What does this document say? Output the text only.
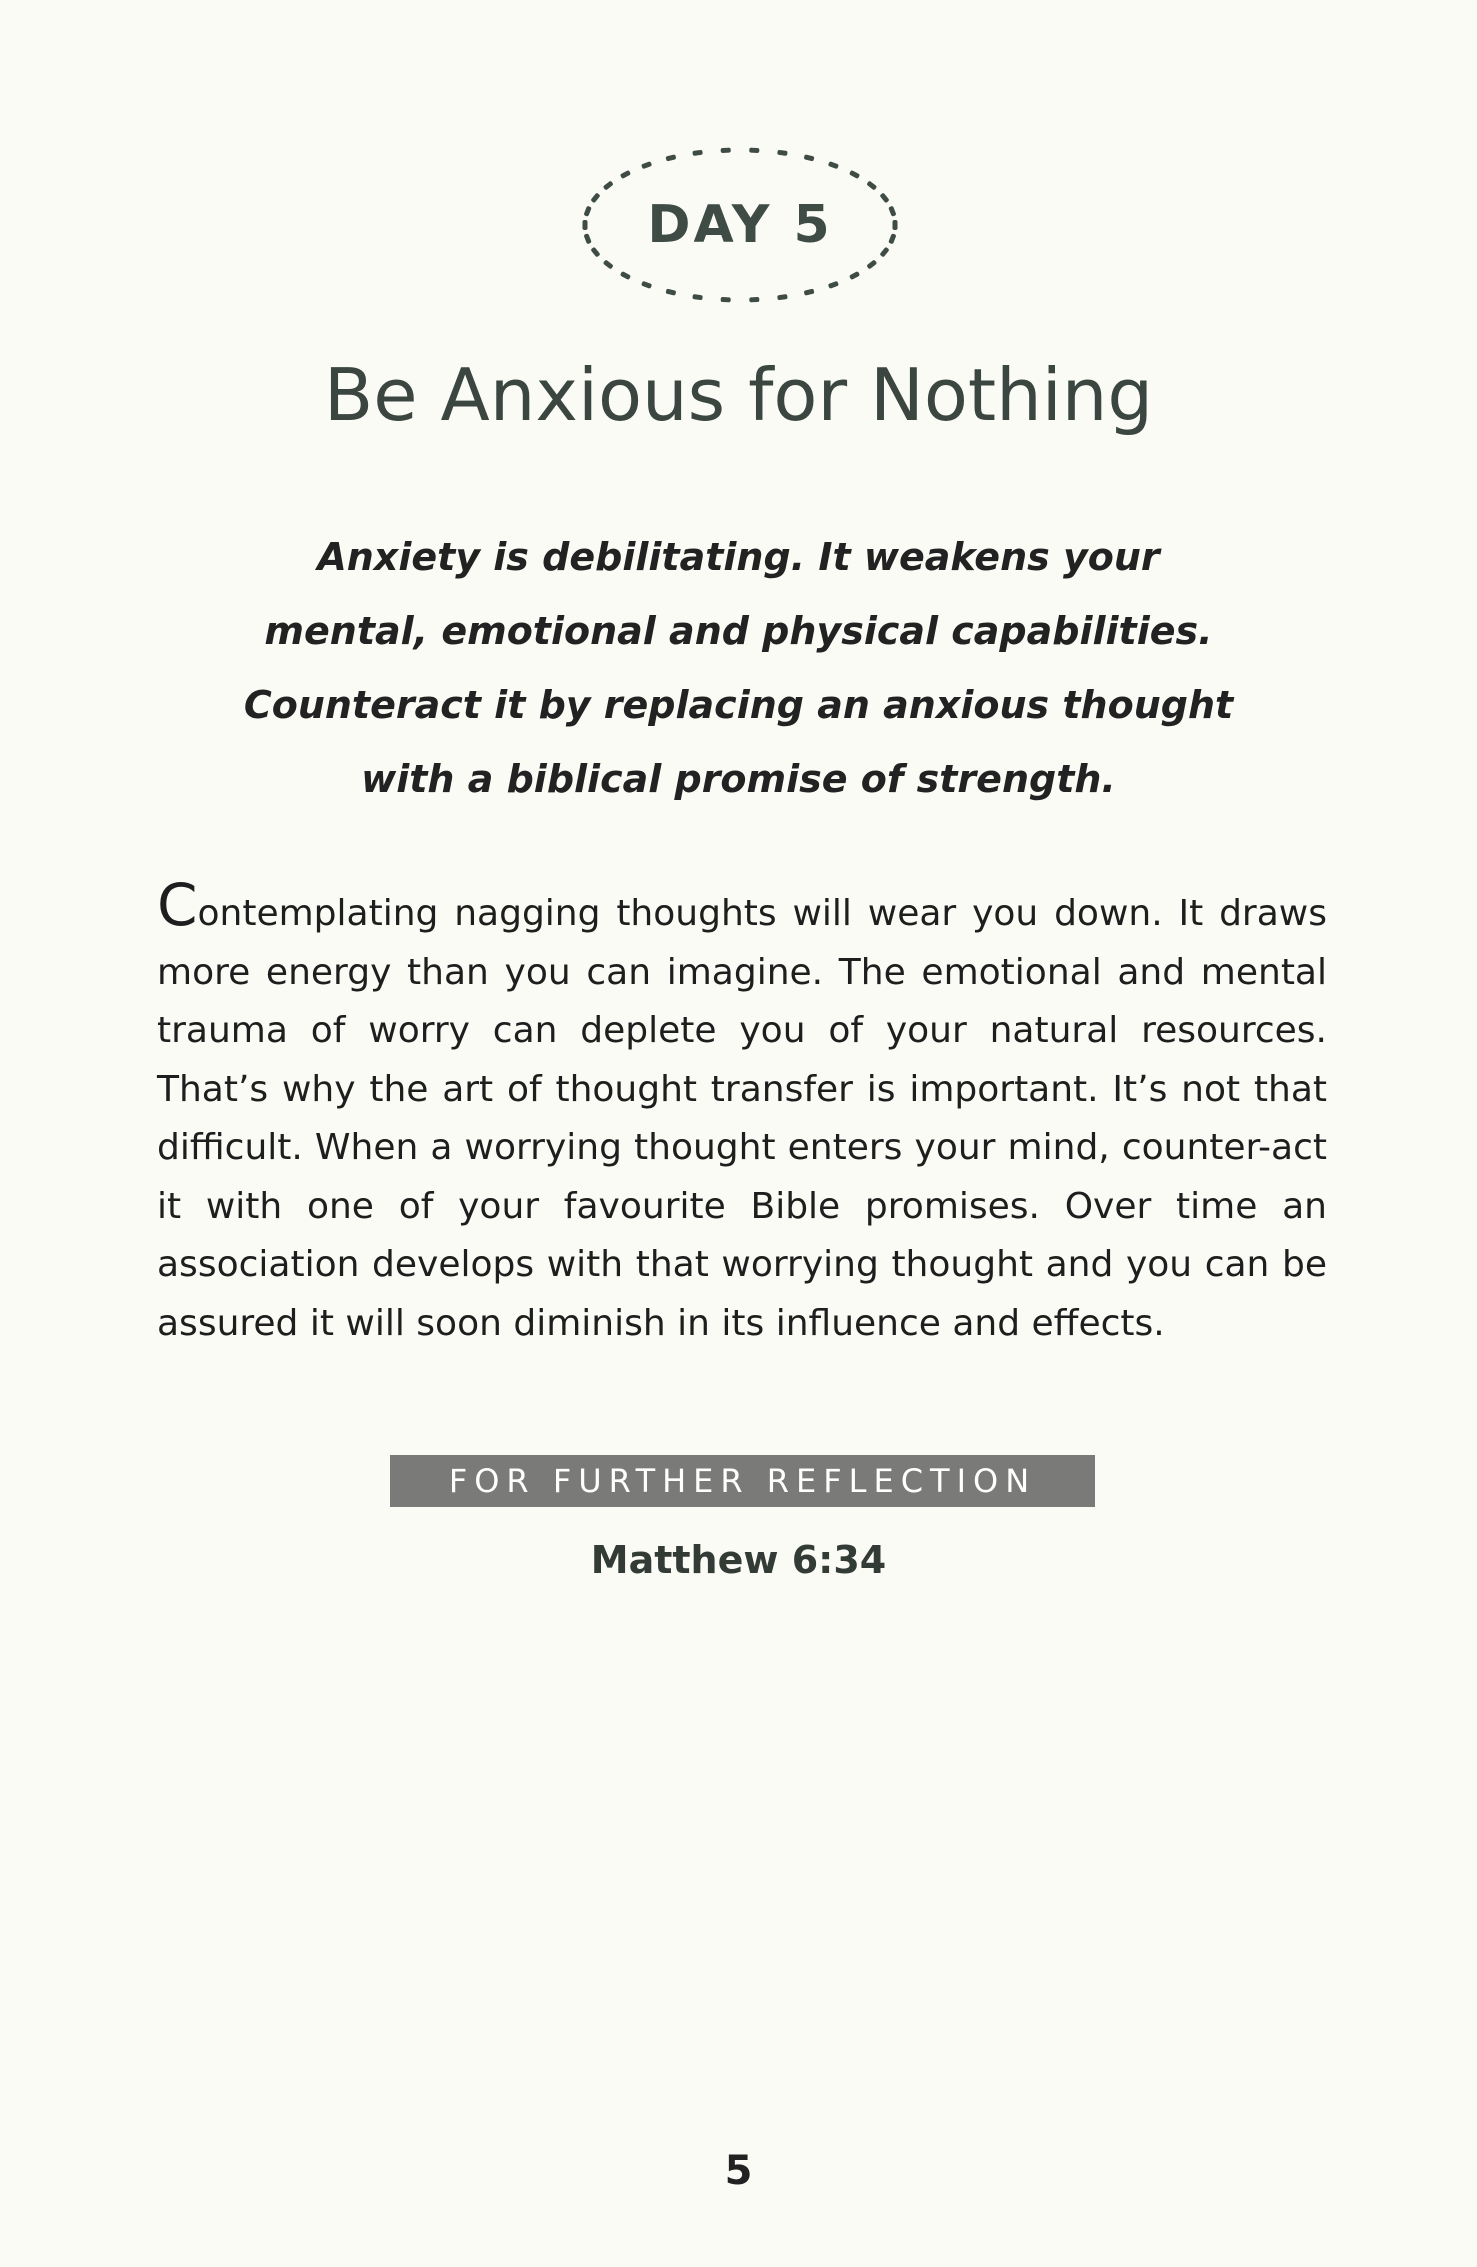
DAY 5
Be Anxious for Nothing
Anxiety is debilitating. It weakens your
mental, emotional and physical capabilities.
Counteract it by replacing an anxious thought
with a biblical promise of strength.
Contemplating nagging thoughts will wear you down. It draws
more energy than you can imagine. The emotional and mental trauma of worry can deplete you of your natural resources. That’s why the art of thought transfer is important. It’s not that difficult. When a worrying thought enters your mind, counter-act it with one of your favourite Bible promises. Over time an association develops with that worrying thought and you can be assured it will soon diminish in its influence and effects.
FOR FURTHER REFLECTION
Matthew 6:34
5
